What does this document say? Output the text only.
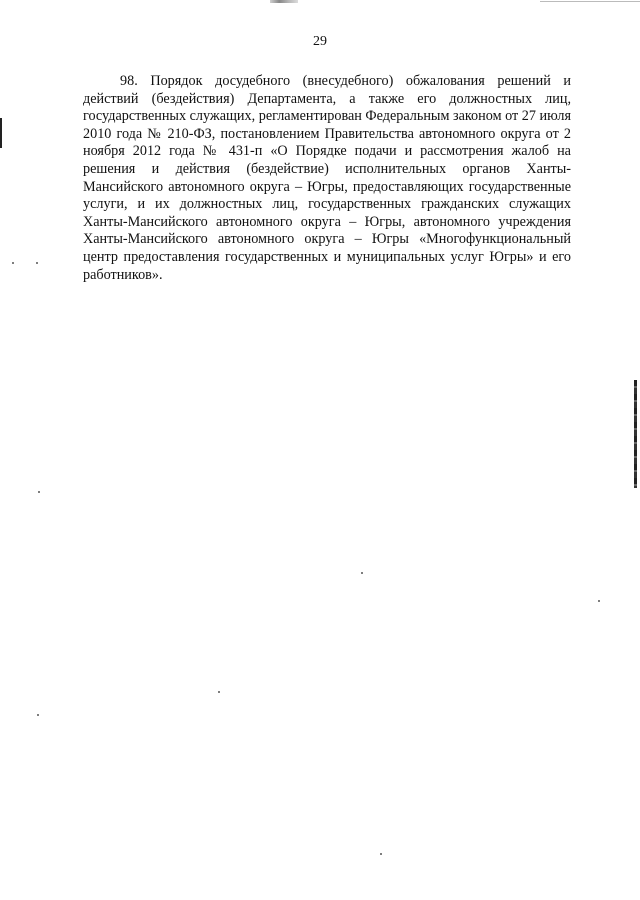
29

98. Порядок досудебного (внесудебного) обжалования решений и действий (бездействия) Департамента, а также его должностных лиц, государственных служащих, регламентирован Федеральным законом от 27 июля 2010 года № 210-ФЗ, постановлением Правительства автономного округа от 2 ноября 2012 года № 431-п «О Порядке подачи и рассмотрения жалоб на решения и действия (бездействие) исполнительных органов Ханты-Мансийского автономного округа – Югры, предоставляющих государственные услуги, и их должностных лиц, государственных гражданских служащих Ханты-Мансийского автономного округа – Югры, автономного учреждения Ханты-Мансийского автономного округа – Югры «Многофункциональный центр предоставления государственных и муниципальных услуг Югры» и его работников».
